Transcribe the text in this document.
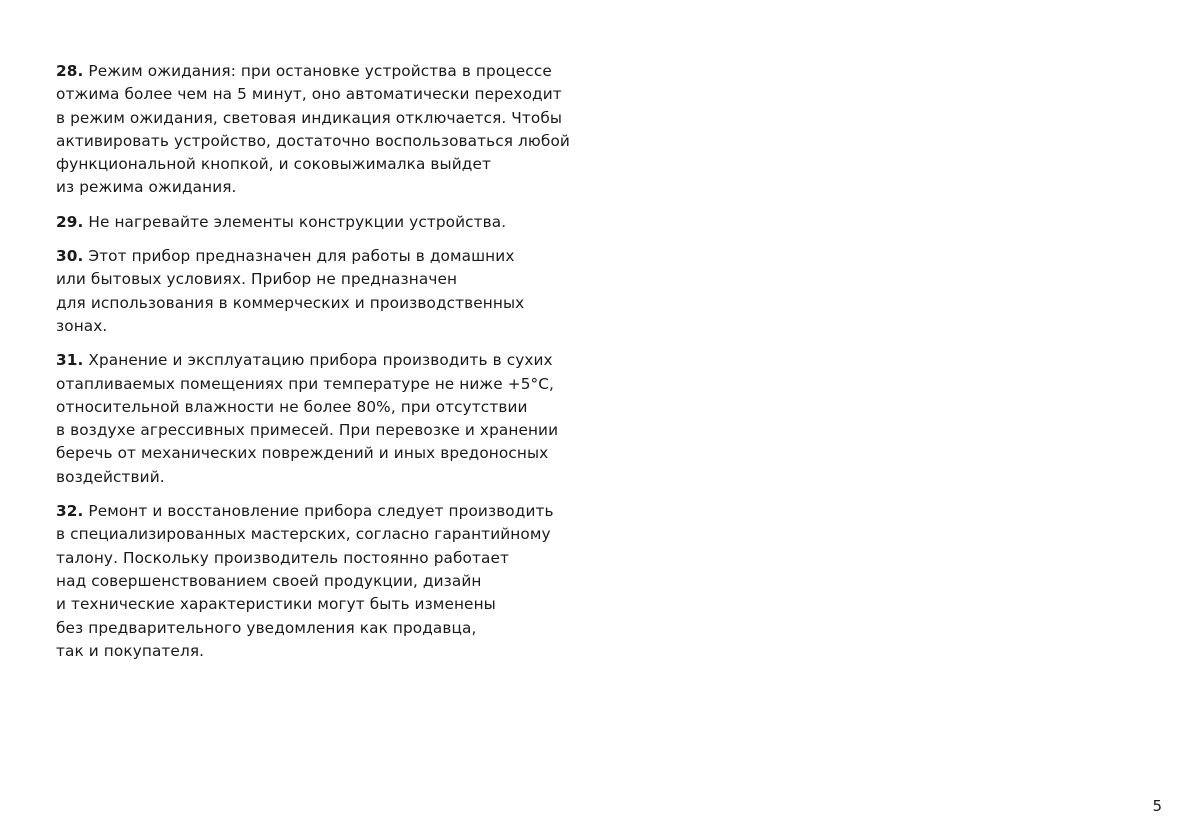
28. Режим ожидания: при остановке устройства в процессе
отжима более чем на 5 минут, оно автоматически переходит
в режим ожидания, световая индикация отключается. Чтобы
активировать устройство, достаточно воспользоваться любой
функциональной кнопкой, и соковыжималка выйдет
из режима ожидания.

29. Не нагревайте элементы конструкции устройства.

30. Этот прибор предназначен для работы в домашних
или бытовых условиях. Прибор не предназначен
для использования в коммерческих и производственных
зонах.

31. Хранение и эксплуатацию прибора производить в сухих
отапливаемых помещениях при температуре не ниже +5°С,
относительной влажности не более 80%, при отсутствии
в воздухе агрессивных примесей. При перевозке и хранении
беречь от механических повреждений и иных вредоносных
воздействий.

32. Ремонт и восстановление прибора следует производить
в специализированных мастерских, согласно гарантийному
талону. Поскольку производитель постоянно работает
над совершенствованием своей продукции, дизайн
и технические характеристики могут быть изменены
без предварительного уведомления как продавца,
так и покупателя.

5
